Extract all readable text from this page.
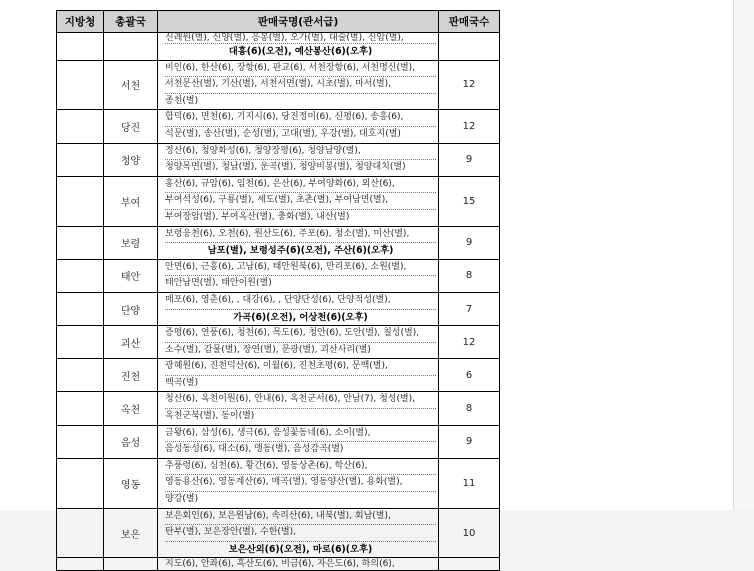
지방청	총괄국	판매국명(관서급)	판매국수

		신례원(별), 신양(별), 응봉(별), 오가(별), 대술(별), 신암(별),
대흥(6)(오전), 예산봉산(6)(오후)	

	서천	비인(6), 한산(6), 장항(6), 판교(6), 서천장항(6), 서천명신(별),
서천문산(별), 기산(별), 서천서면(별), 시초(별), 마서(별),
종천(별)	12
	당진	합덕(6), 면천(6), 기지시(6), 당진정미(6), 신평(6), 송흥(6),
석문(별), 송산(별), 순성(별), 고대(별), 우강(별), 대호지(별)	12
	청양	정산(6), 청양화성(6), 청양장평(6), 청양남양(별),
청양목면(별), 청남(별), 운곡(별), 청양비봉(별), 청양대치(별)	9
	부여	홍산(6), 규암(6), 임천(6), 은산(6), 부여양화(6), 외산(6),
부여석성(6), 구룡(별), 세도(별), 초촌(별), 부여남면(별),
부여장암(별), 부여옥산(별), 충화(별), 내산(별)	15
	보령	보령웅천(6), 오천(6), 원산도(6), 주포(6), 청소(별), 미산(별),
남포(별), 보령성주(6)(오전), 주산(6)(오후)	9
	태안	안면(6), 근흥(6), 고남(6), 태안원북(6), 만리포(6), 소원(별),
태안남면(별), 태안이원(별)	8
	단양	매포(6), 영춘(6), , 대강(6), , 단양단성(6), 단양적성(별),
가곡(6)(오전), 어상천(6)(오후)	7
	괴산	증평(6), 연풍(6), 청천(6), 목도(6), 청안(6), 도안(별), 칠성(별),
소수(별), 감물(별), 장연(별), 문광(별), 괴산사리(별)	12
	진천	광혜원(6), 진천덕산(6), 이월(6), 진천초평(6), 문백(별),
백곡(별)	6
	옥천	청산(6), 옥천이원(6), 안내(6), 옥천군서(6), 안남(7), 청성(별),
옥천군북(별), 동이(별)	8
	음성	금왕(6), 삼성(6), 생극(6), 음성꽃동네(6), 소이(별),
음성동성(6), 대소(6), 맹동(별), 음성감곡(별)	9
	영동	추풍령(6), 심천(6), 황간(6), 영동상촌(6), 학산(6),
영동용산(6), 영동계산(6), 매곡(별), 영동양산(별), 용화(별),
양강(별)	11
	보은	보은회인(6), 보은원남(6), 속리산(6), 내북(별), 회남(별),
탄부(별), 보은장안(별), 수한(별),
보은산외(6)(오전), 마로(6)(오후)	10

		지도(6), 안좌(6), 흑산도(6), 비금(6), 자은도(6), 하의(6),	
